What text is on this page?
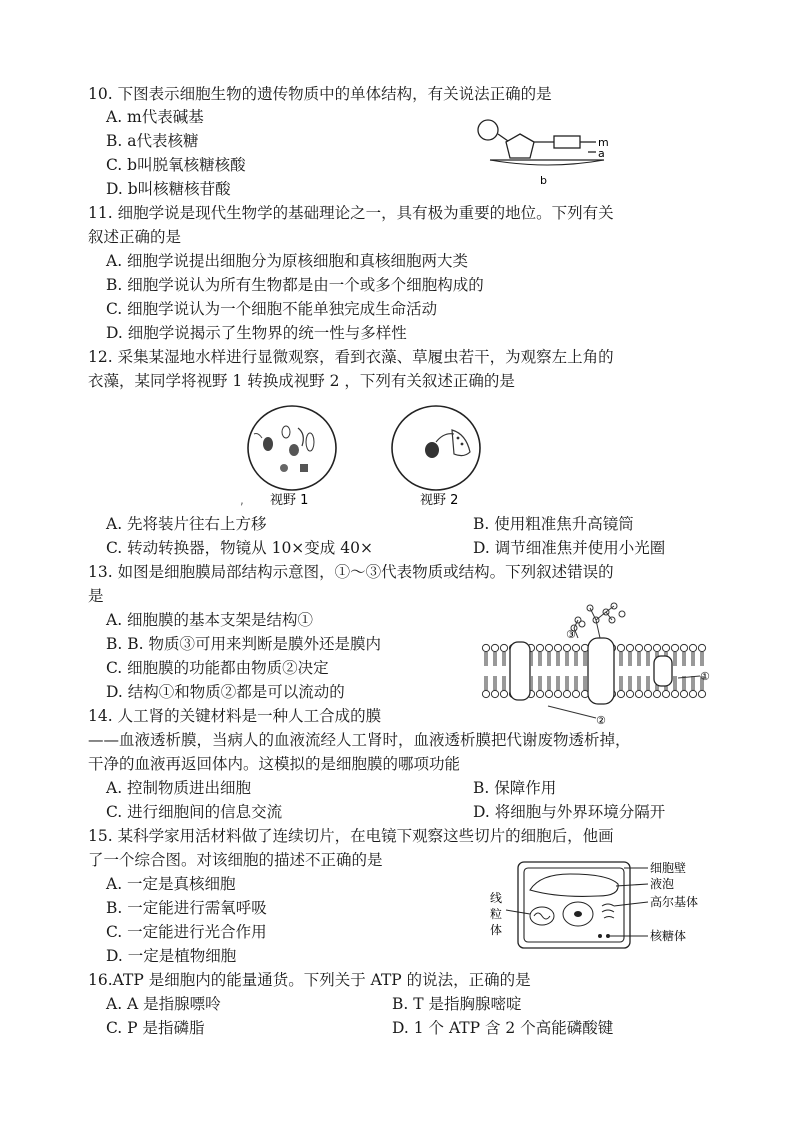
10. 下图表示细胞生物的遗传物质中的单体结构，有关说法正确的是
A. m代表碱基
B. a代表核糖
C. b叫脱氧核糖核酸
D. b叫核糖核苷酸
m
a
b
11. 细胞学说是现代生物学的基础理论之一，具有极为重要的地位。下列有关
叙述正确的是
A. 细胞学说提出细胞分为原核细胞和真核细胞两大类
B. 细胞学说认为所有生物都是由一个或多个细胞构成的
C. 细胞学说认为一个细胞不能单独完成生命活动
D. 细胞学说揭示了生物界的统一性与多样性
12. 采集某湿地水样进行显微观察，看到衣藻、草履虫若干，为观察左上角的
衣藻，某同学将视野 1 转换成视野 2 ，下列有关叙述正确的是
, 视野 1	视野 2
A. 先将装片往右上方移	B. 使用粗准焦升高镜筒
C. 转动转换器，物镜从 10×变成 40×	D. 调节细准焦并使用小光圈
13. 如图是细胞膜局部结构示意图，①～③代表物质或结构。下列叙述错误的
是
A. 细胞膜的基本支架是结构①
B. B. 物质③可用来判断是膜外还是膜内
C. 细胞膜的功能都由物质②决定
D. 结构①和物质②都是可以流动的
③
①
②
14. 人工肾的关键材料是一种人工合成的膜
——血液透析膜，当病人的血液流经人工肾时，血液透析膜把代谢废物透析掉，
干净的血液再返回体内。这模拟的是细胞膜的哪项功能
A. 控制物质进出细胞	B. 保障作用
C. 进行细胞间的信息交流	D. 将细胞与外界环境分隔开
15. 某科学家用活材料做了连续切片，在电镜下观察这些切片的细胞后，他画
了一个综合图。对该细胞的描述不正确的是
A. 一定是真核细胞
B. 一定能进行需氧呼吸
C. 一定能进行光合作用
D. 一定是植物细胞
细胞壁
液泡
高尔基体
核糖体
线
粒
体
16.ATP 是细胞内的能量通货。下列关于 ATP 的说法，正确的是
A. A 是指腺嘌呤	B. T 是指胸腺嘧啶
C. P 是指磷脂	D. 1 个 ATP 含 2 个高能磷酸键
